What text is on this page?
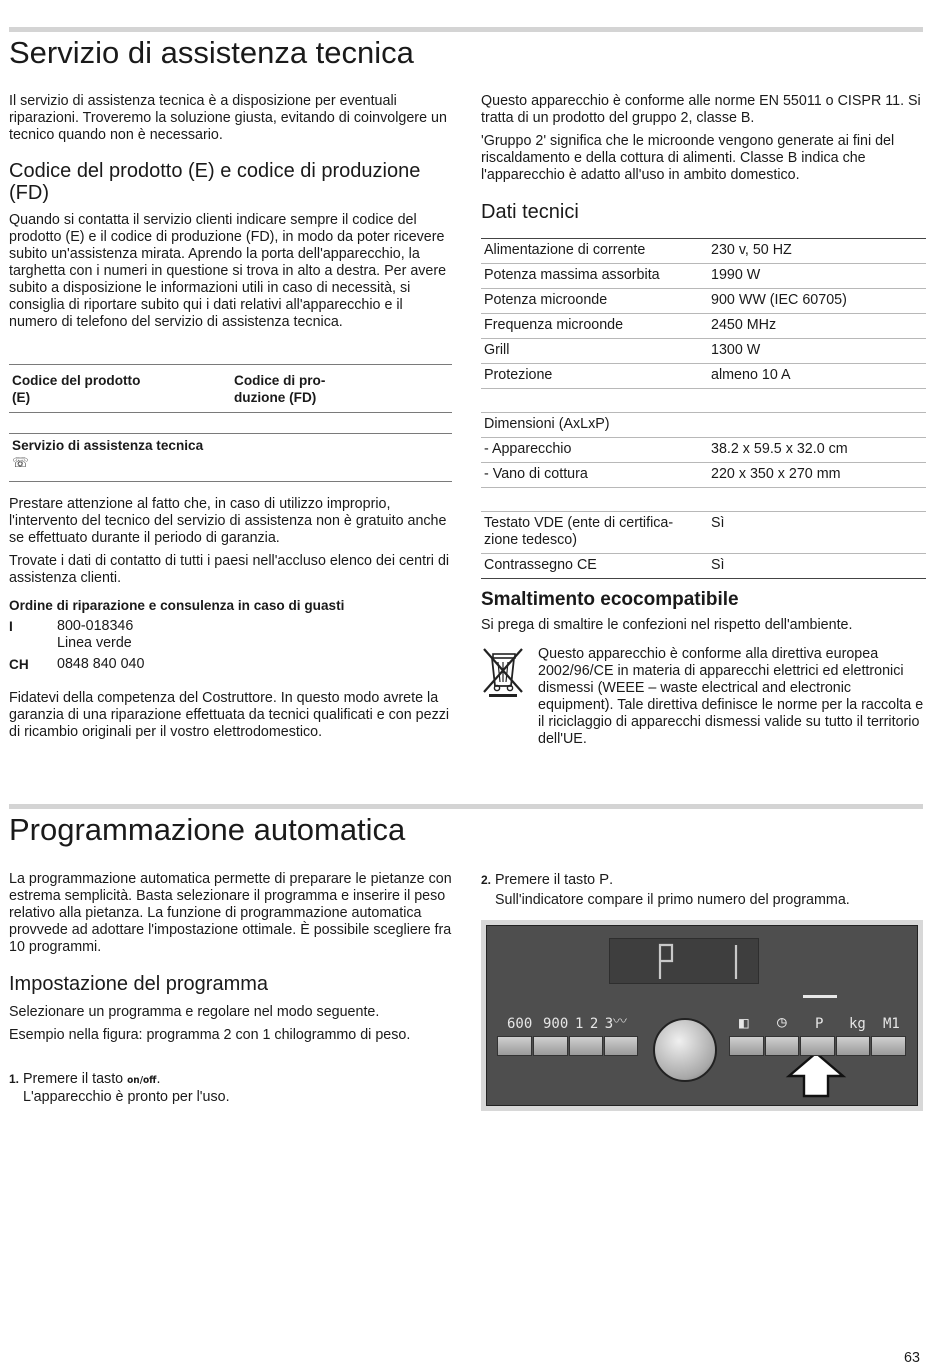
Servizio di assistenza tecnica

Il servizio di assistenza tecnica è a disposizione per eventuali riparazioni. Troveremo la soluzione giusta, evitando di coinvolgere un tecnico quando non è necessario.

Codice del prodotto (E) e codice di produzione (FD)

Quando si contatta il servizio clienti indicare sempre il codice del prodotto (E) e il codice di produzione (FD), in modo da poter ricevere subito un'assistenza mirata. Aprendo la porta dell'apparecchio, la targhetta con i numeri in questione si trova in alto a destra. Per avere subito a disposizione le informazioni utili in caso di necessità, si consiglia di riportare subito qui i dati relativi all'apparecchio e il numero di telefono del servizio di assistenza tecnica.

Codice del prodotto (E)
Codice di pro-duzione (FD)
Servizio di assistenza tecnica ☏

Prestare attenzione al fatto che, in caso di utilizzo improprio, l'intervento del tecnico del servizio di assistenza non è gratuito anche se effettuato durante il periodo di garanzia.

Trovate i dati di contatto di tutti i paesi nell'accluso elenco dei centri di assistenza clienti.

Ordine di riparazione e consulenza in caso di guasti
I	800-018346
Linea verde
CH 0848 840 040

Fidatevi della competenza del Costruttore. In questo modo avrete la garanzia di una riparazione effettuata da tecnici qualificati e con pezzi di ricambio originali per il vostro elettrodomestico.

Questo apparecchio è conforme alle norme EN 55011 o CISPR 11. Si tratta di un prodotto del gruppo 2, classe B.

'Gruppo 2' significa che le microonde vengono generate ai fini del riscaldamento e della cottura di alimenti. Classe B indica che l'apparecchio è adatto all'uso in ambito domestico.

Dati tecnici
Alimentazione di corrente	230 v, 50 HZ
Potenza massima assorbita	1990 W
Potenza microonde	900 WW (IEC 60705)
Frequenza microonde	2450 MHz
Grill	1300 W
Protezione	almeno 10 A

Dimensioni (AxLxP)	
- Apparecchio	38.2 x 59.5 x 32.0 cm
- Vano di cottura	220 x 350 x 270 mm

Testato VDE (ente di certifica-zione tedesco)	Sì
Contrassegno CE	Sì
Smaltimento ecocompatibile

Si prega di smaltire le confezioni nel rispetto dell'ambiente.

Questo apparecchio è conforme alla direttiva europea 2002/96/CE in materia di apparecchi elettrici ed elettronici dismessi (WEEE – waste electrical and electronic equipment). Tale direttiva definisce le norme per la raccolta e il riciclaggio di apparecchi dismessi valide su tutto il territorio dell'UE.

Programmazione automatica

La programmazione automatica permette di preparare le pietanze con estrema semplicità. Basta selezionare il programma e inserire il peso relativo alla pietanza. La funzione di programmazione automatica provvede ad adottare l'impostazione ottimale. È possibile scegliere fra 10 programmi.

Impostazione del programma

Selezionare un programma e regolare nel modo seguente.

Esempio nella figura: programma 2 con 1 chilogrammo di peso.

1. Premere il tasto on/off.
L'apparecchio è pronto per l'uso.
2. Premere il tasto P.
Sull'indicatore compare il primo numero del programma.
600 900 1 2 3 〰	◧ ◷ P kg M1
63
